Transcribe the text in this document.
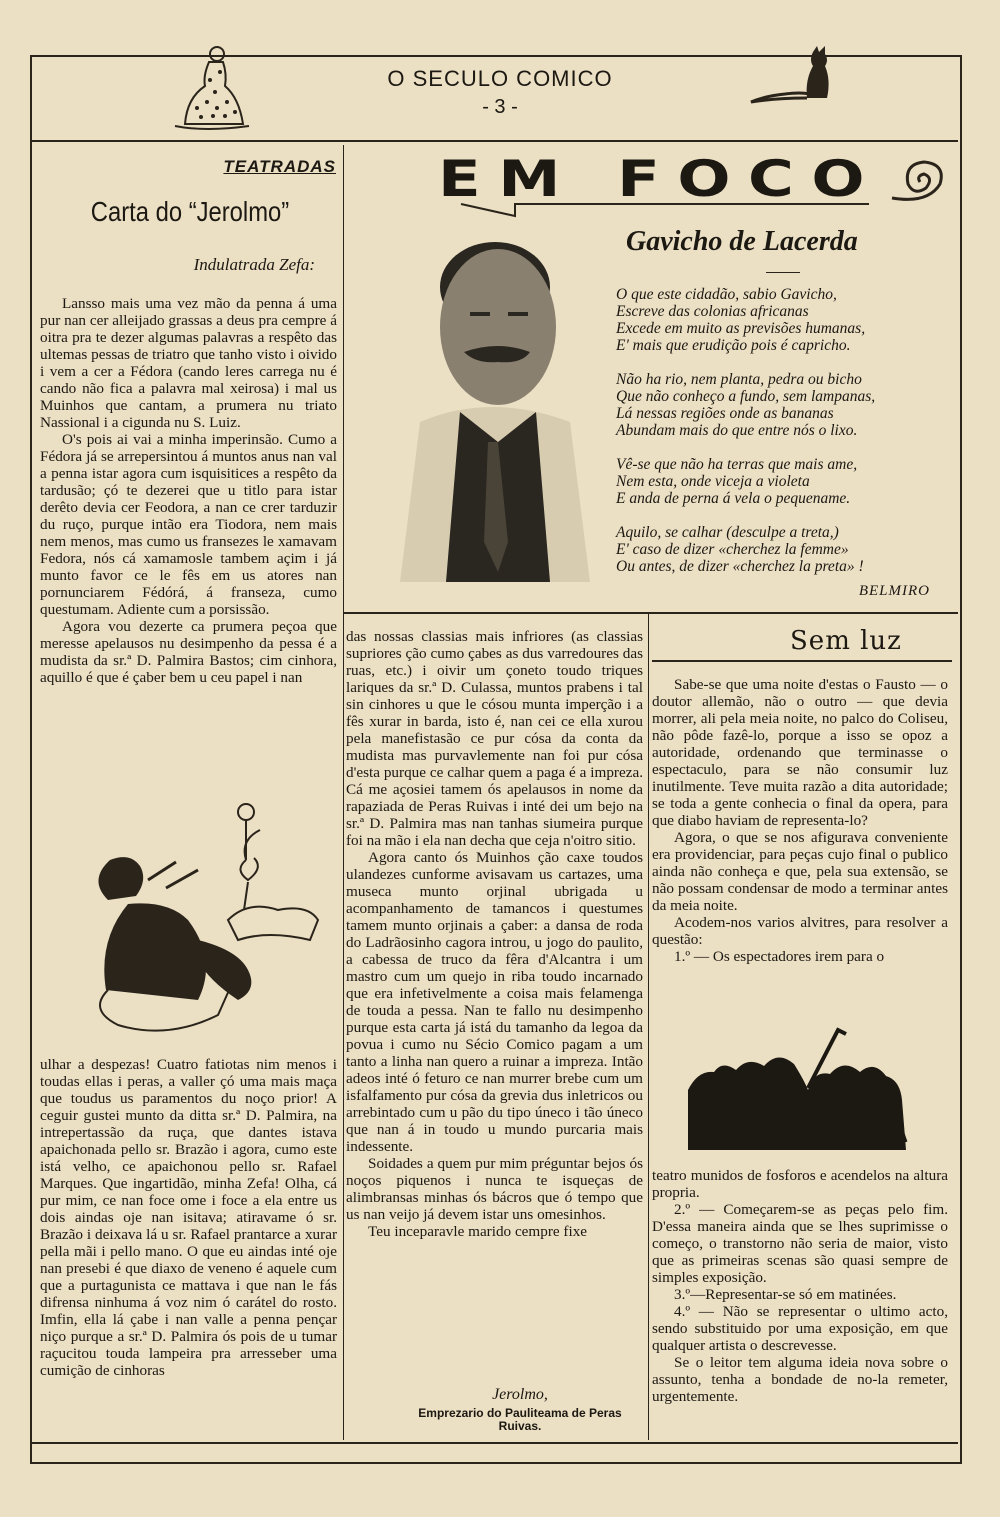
O SECULO COMICO
- 3 -
TEATRADAS
Carta do “Jerolmo”
Indulatrada Zefa:

Lansso mais uma vez mão da penna á uma pur nan cer alleijado grassas a deus pra cempre á oitra pra te dezer algumas palavras a respêto das ultemas pessas de triatro que tanho visto i oivido i vem a cer a Fédora (cando leres carrega nu é cando não fica a palavra mal xeirosa) i mal us Muinhos que cantam, a prumera nu triato Nassional i a cigunda nu S. Luiz.

O's pois ai vai a minha imperinsão. Cumo a Fédora já se arrepersintou á muntos anus nan val a penna istar agora cum isquisitices a respêto da tardusão; çó te dezerei que u titlo para istar derêto devia cer Feodora, a nan ce crer tarduzir du ruço, purque intão era Tiodora, nem mais nem menos, mas cumo us fransezes le xamavam Fedora, nós cá xamamosle tambem açim i já munto favor ce le fês em us atores nan pornunciarem Fédórá, á franseza, cumo questumam. Adiente cum a porsissão.

Agora vou dezerte ca prumera peçoa que meresse apelausos nu desimpenho da pessa é a mudista da sr.ª D. Palmira Bastos; cim cinhora, aquillo é que é çaber bem u ceu papel i nan

ulhar a despezas! Cuatro fatiotas nim menos i toudas ellas i peras, a valler çó uma mais maça que toudus us paramentos du noço prior! A ceguir gustei munto da ditta sr.ª D. Palmira, na intrepertassão da ruça, que dantes istava apaichonada pello sr. Brazão i agora, cumo este istá velho, ce apaichonou pello sr. Rafael Marques. Que ingartidão, minha Zefa! Olha, cá pur mim, ce nan foce ome i foce a ela entre us dois aindas oje nan isitava; atiravame ó sr. Brazão i deixava lá u sr. Rafael prantarce a xurar pella mãi i pello mano. O que eu aindas inté oje nan presebi é que diaxo de veneno é aquele cum que a purtagunista ce mattava i que nan le fás difrensa ninhuma á voz nim ó carátel do rosto. Imfin, ella lá çabe i nan valle a penna pençar niço purque a sr.ª D. Palmira ós pois de u tumar raçucitou touda lampeira pra arresseber uma cumição de cinhoras

EM FOCO
Gavicho de Lacerda
O que este cidadão, sabio Gavicho,
Escreve das colonias africanas
Excede em muito as previsões humanas,
E' mais que erudição pois é capricho.
Não ha rio, nem planta, pedra ou bicho
Que não conheço a fundo, sem lampanas,
Lá nessas regiões onde as bananas
Abundam mais do que entre nós o lixo.
Vê-se que não ha terras que mais ame,
Nem esta, onde viceja a violeta
E anda de perna á vela o pequename.
Aquilo, se calhar (desculpe a treta,)
E' caso de dizer «cherchez la femme»
Ou antes, de dizer «cherchez la preta» !
BELMIRO

das nossas classias mais infriores (as classias supriores ção cumo çabes as dus varredoures das ruas, etc.) i oivir um çoneto toudo triques lariques da sr.ª D. Culassa, muntos prabens i tal sin cinhores u que le cósou munta imperção i a fês xurar in barda, isto é, nan cei ce ella xurou pela manefistasão ce pur cósa da conta da mudista mas purvavlemente nan foi pur cósa d'esta purque ce calhar quem a paga é a impreza. Cá me açosiei tamem ós apelausos in nome da rapaziada de Peras Ruivas i inté dei um bejo na sr.ª D. Palmira mas nan tanhas siumeira purque foi na mão i ela nan decha que ceja n'oitro sitio.

Agora canto ós Muinhos ção caxe toudos ulandezes cunforme avisavam us cartazes, uma museca munto orjinal ubrigada u acompanhamento de tamancos i questumes tamem munto orjinais a çaber: a dansa de roda do Ladrãosinho cagora introu, u jogo do paulito, a cabessa de truco da fêra d'Alcantra i um mastro cum um quejo in riba toudo incarnado que era infetivelmente a coisa mais felamenga de touda a pessa. Nan te fallo nu desimpenho purque esta carta já istá du tamanho da legoa da povua i cumo nu Sécio Comico pagam a um tanto a linha nan quero a ruinar a impreza. Intão adeos inté ó feturo ce nan murrer brebe cum um isfalfamento pur cósa da grevia dus inletricos ou arrebintado cum u pão du tipo úneco i tão úneco que nan á in toudo u mundo purcaria mais indessente.

Soidades a quem pur mim préguntar bejos ós noços piquenos i nunca te isqueças de alimbransas minhas ós bácros que ó tempo que us nan veijo já devem istar uns omesinhos.

Teu inceparavle marido cempre fixe

Jerolmo,
Emprezario do Pauliteama de Peras Ruivas.
Sem luz

Sabe-se que uma noite d'estas o Fausto — o doutor allemão, não o outro — que devia morrer, ali pela meia noite, no palco do Coliseu, não pôde fazê-lo, porque a isso se opoz a autoridade, ordenando que terminasse o espectaculo, para se não consumir luz inutilmente. Teve muita razão a dita autoridade; se toda a gente conhecia o final da opera, para que diabo haviam de representa-lo?

Agora, o que se nos afigurava conveniente era providenciar, para peças cujo final o publico ainda não conheça e que, pela sua extensão, se não possam condensar de modo a terminar antes da meia noite.

Acodem-nos varios alvitres, para resolver a questão:

1.º — Os espectadores irem para o

teatro munidos de fosforos e acendelos na altura propria.

2.º — Começarem-se as peças pelo fim. D'essa maneira ainda que se lhes suprimisse o começo, o transtorno não seria de maior, visto que as primeiras scenas são quasi sempre de simples exposição.

3.º—Representar-se só em matinées.

4.º — Não se representar o ultimo acto, sendo substituido por uma exposição, em que qualquer artista o descrevesse.

Se o leitor tem alguma ideia nova sobre o assunto, tenha a bondade de no-la remeter, urgentemente.
